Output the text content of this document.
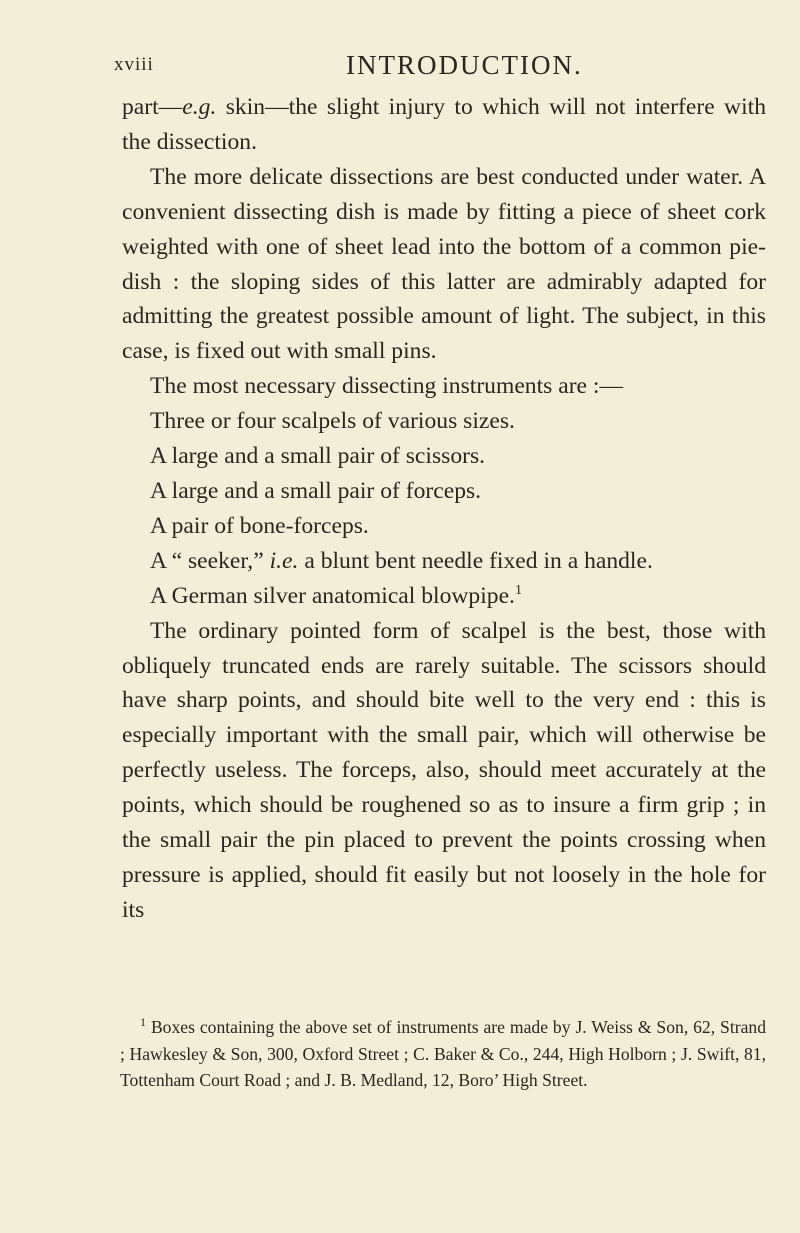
xviii	INTRODUCTION.

part—e.g. skin—the slight injury to which will not interfere with the dissection.

The more delicate dissections are best conducted under water. A convenient dissecting dish is made by fitting a piece of sheet cork weighted with one of sheet lead into the bottom of a common pie-dish : the sloping sides of this latter are admirably adapted for admitting the greatest possible amount of light. The subject, in this case, is fixed out with small pins.

The most necessary dissecting instruments are :—

Three or four scalpels of various sizes.

A large and a small pair of scissors.

A large and a small pair of forceps.

A pair of bone-forceps.

A “ seeker,” i.e. a blunt bent needle fixed in a handle.

A German silver anatomical blowpipe.$^1$

The ordinary pointed form of scalpel is the best, those with obliquely truncated ends are rarely suitable. The scissors should have sharp points, and should bite well to the very end : this is especially important with the small pair, which will otherwise be perfectly useless. The forceps, also, should meet accurately at the points, which should be roughened so as to insure a firm grip ; in the small pair the pin placed to prevent the points crossing when pressure is applied, should fit easily but not loosely in the hole for its

$^1$ Boxes containing the above set of instruments are made by J. Weiss & Son, 62, Strand ; Hawkesley & Son, 300, Oxford Street ; C. Baker & Co., 244, High Holborn ; J. Swift, 81, Tottenham Court Road ; and J. B. Medland, 12, Boro’ High Street.
